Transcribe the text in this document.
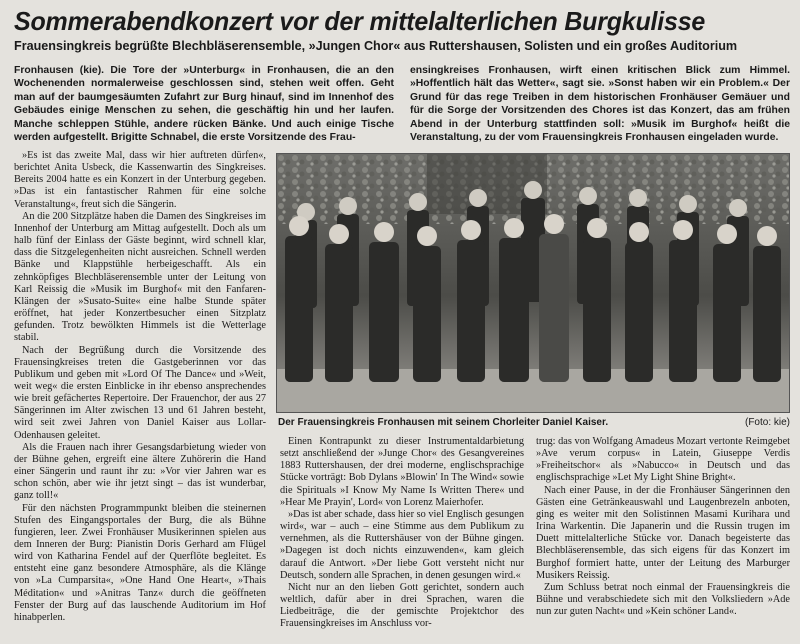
Sommerabendkonzert vor der mittelalterlichen Burgkulisse
Frauensingkreis begrüßte Blechbläserensemble, »Jungen Chor« aus Ruttershausen, Solisten und ein großes Auditorium
Fronhausen (kie). Die Tore der »Unterburg« in Fronhausen, die an den Wochenenden normalerweise geschlossen sind, stehen weit offen. Geht man auf der baumgesäumten Zufahrt zur Burg hinauf, sind im Innenhof des Gebäudes einige Menschen zu sehen, die geschäftig hin und her laufen. Manche schleppen Stühle, andere rücken Bänke. Und auch einige Tische werden aufgestellt. Brigitte Schnabel, die erste Vorsitzende des Frau-
ensingkreises Fronhausen, wirft einen kritischen Blick zum Himmel. »Hoffentlich hält das Wetter«, sagt sie. »Sonst haben wir ein Problem.« Der Grund für das rege Treiben in dem historischen Fronhäuser Gemäuer und für die Sorge der Vorsitzenden des Chores ist das Konzert, das am frühen Abend in der Unterburg stattfinden soll: »Musik im Burghof« heißt die Veranstaltung, zu der vom Frauensingkreis Fronhausen eingeladen wurde.

»Es ist das zweite Mal, dass wir hier auftreten dürfen«, berichtet Anita Usbeck, die Kassenwartin des Singkreises. Bereits 2004 hatte es ein Konzert in der Unterburg gegeben. »Das ist ein fantastischer Rahmen für eine solche Veranstaltung«, freut sich die Sängerin.

An die 200 Sitzplätze haben die Damen des Singkreises im Innenhof der Unterburg am Mittag aufgestellt. Doch als um halb fünf der Einlass der Gäste beginnt, wird schnell klar, dass die Sitzgelegenheiten nicht ausreichen. Schnell werden Bänke und Klappstühle herbeigeschafft. Als ein zehnköpfiges Blechbläserensemble unter der Leitung von Karl Reissig die »Musik im Burghof« mit den Fanfaren-Klängen der »Susato-Suite« eine halbe Stunde später eröffnet, hat jeder Konzertbesucher einen Sitzplatz gefunden. Trotz bewölkten Himmels ist die Wetterlage stabil.

Nach der Begrüßung durch die Vorsitzende des Frauensingkreises treten die Gastgeberinnen vor das Publikum und geben mit »Lord Of The Dance« und »Weit, weit weg« die ersten Einblicke in ihr ebenso ansprechendes wie breit gefächertes Repertoire. Der Frauenchor, der aus 27 Sängerinnen im Alter zwischen 13 und 61 Jahren besteht, wird seit zwei Jahren von Daniel Kaiser aus Lollar-Odenhausen geleitet.

Als die Frauen nach ihrer Gesangsdarbietung wieder von der Bühne gehen, ergreift eine ältere Zuhörerin die Hand einer Sängerin und raunt ihr zu: »Vor vier Jahren war es schon schön, aber wie ihr jetzt singt – das ist wunderbar, ganz toll!«

Für den nächsten Programmpunkt bleiben die steinernen Stufen des Eingangsportales der Burg, die als Bühne fungieren, leer. Zwei Fronhäuser Musikerinnen spielen aus dem Inneren der Burg: Pianistin Doris Gerhard am Flügel wird von Katharina Fendel auf der Querflöte begleitet. Es entsteht eine ganz besondere Atmosphäre, als die Klänge von »La Cumparsita«, »One Hand One Heart«, »Thais Méditation« und »Anitras Tanz« durch die geöffneten Fenster der Burg auf das lauschende Auditorium im Hof hinabperlen.

Der Frauensingkreis Fronhausen mit seinem Chorleiter Daniel Kaiser.	(Foto: kie)

Einen Kontrapunkt zu dieser Instrumentaldarbietung setzt anschließend der »Junge Chor« des Gesangvereines 1883 Ruttershausen, der drei moderne, englischsprachige Stücke vorträgt: Bob Dylans »Blowin' In The Wind« sowie die Spirituals »I Know My Name Is Written There« und »Hear Me Prayin', Lord« von Lorenz Maierhofer.

»Das ist aber schade, dass hier so viel Englisch gesungen wird«, war – auch – eine Stimme aus dem Publikum zu vernehmen, als die Ruttershäuser von der Bühne gingen. »Dagegen ist doch nichts einzuwenden«, kam gleich darauf die Antwort. »Der liebe Gott versteht nicht nur Deutsch, sondern alle Sprachen, in denen gesungen wird.«

Nicht nur an den lieben Gott gerichtet, sondern auch weltlich, dafür aber in drei Sprachen, waren die Liedbeiträge, die der gemischte Projektchor des Frauensingkreises im Anschluss vor-

trug: das von Wolfgang Amadeus Mozart vertonte Reimgebet »Ave verum corpus« in Latein, Giuseppe Verdis »Freiheitschor« als »Nabucco« in Deutsch und das englischsprachige »Let My Light Shine Bright«.

Nach einer Pause, in der die Fronhäuser Sängerinnen den Gästen eine Getränkeauswahl und Laugenbrezeln anboten, ging es weiter mit den Solistinnen Masami Kurihara und Irina Warkentin. Die Japanerin und die Russin trugen im Duett mittelalterliche Stücke vor. Danach begeisterte das Blechbläserensemble, das sich eigens für das Konzert im Burghof formiert hatte, unter der Leitung des Marburger Musikers Reissig.

Zum Schluss betrat noch einmal der Frauensingkreis die Bühne und verabschiedete sich mit den Volksliedern »Ade nun zur guten Nacht« und »Kein schöner Land«.
